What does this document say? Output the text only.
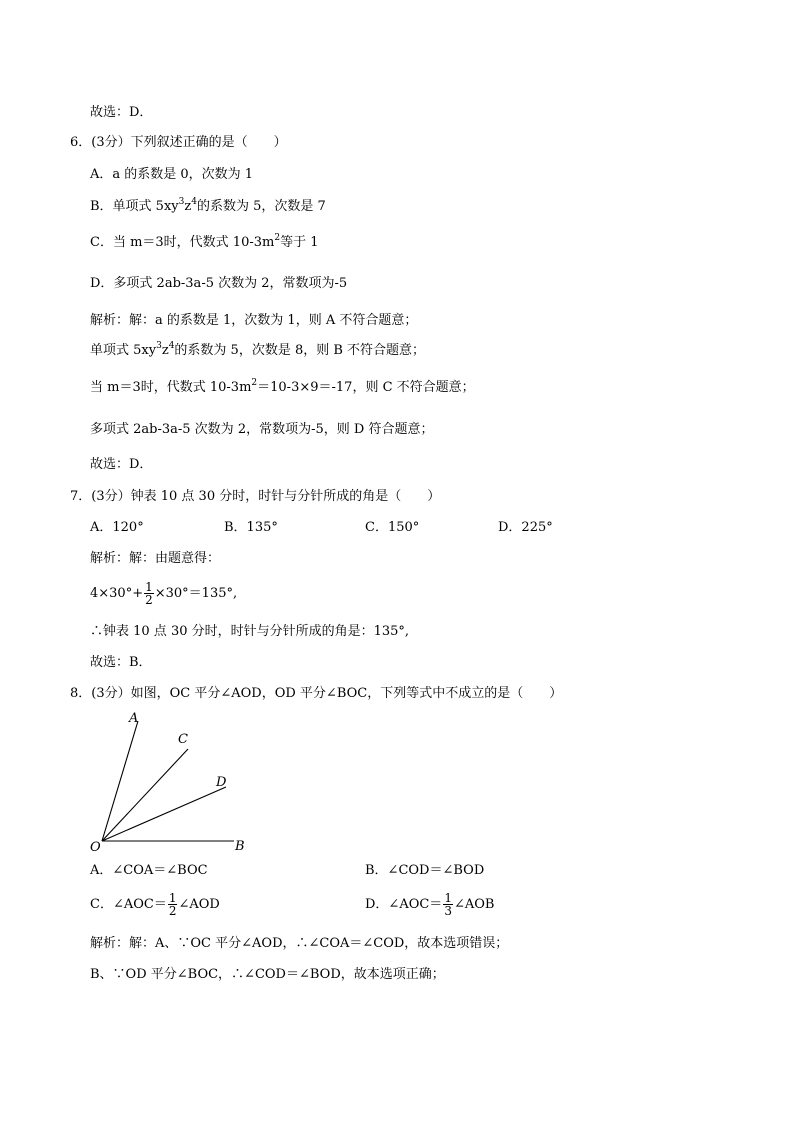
故选：D．
6．(3分）下列叙述正确的是（　　）
A．a 的系数是 0，次数为 1
B．单项式 $5xy^3z^4$的系数为 5，次数是 7
C．当 m＝3时，代数式 $10-3m^2$等于 1
D．多项式 2ab-3a-5 次数为 2，常数项为-5
解析：解：a 的系数是 1，次数为 1，则 A 不符合题意；
单项式 $5xy^3z^4$的系数为 5，次数是 8，则 B 不符合题意；
当 m＝3时，代数式 $10-3m^2=10-3\times 9=-17$，则 C 不符合题意；
多项式 2ab-3a-5 次数为 2，常数项为-5，则 D 符合题意；
故选：D．
7．(3分）钟表 10 点 30 分时，时针与分针所成的角是（　　）
A．120°	B．135°	C．150°	D．225°
解析：解：由题意得：
$4\times 30^\circ+ \frac{1}{2} \times 30^\circ=135^\circ$,
∴钟表 10 点 30 分时，时针与分针所成的角是：135°,
故选：B．
8．(3分）如图，OC 平分∠AOD，OD 平分∠BOC，下列等式中不成立的是（　　）
A
C
D
O	B
A．∠COA＝∠BOC	B．∠COD＝∠BOD
C．∠AOC＝ $\frac{1}{2}$ ∠AOD	D．∠AOC＝ $\frac{1}{3}$ ∠AOB
解析：解：A、∵OC 平分∠AOD，∴∠COA＝∠COD，故本选项错误；
B、∵OD 平分∠BOC，∴∠COD＝∠BOD，故本选项正确；
